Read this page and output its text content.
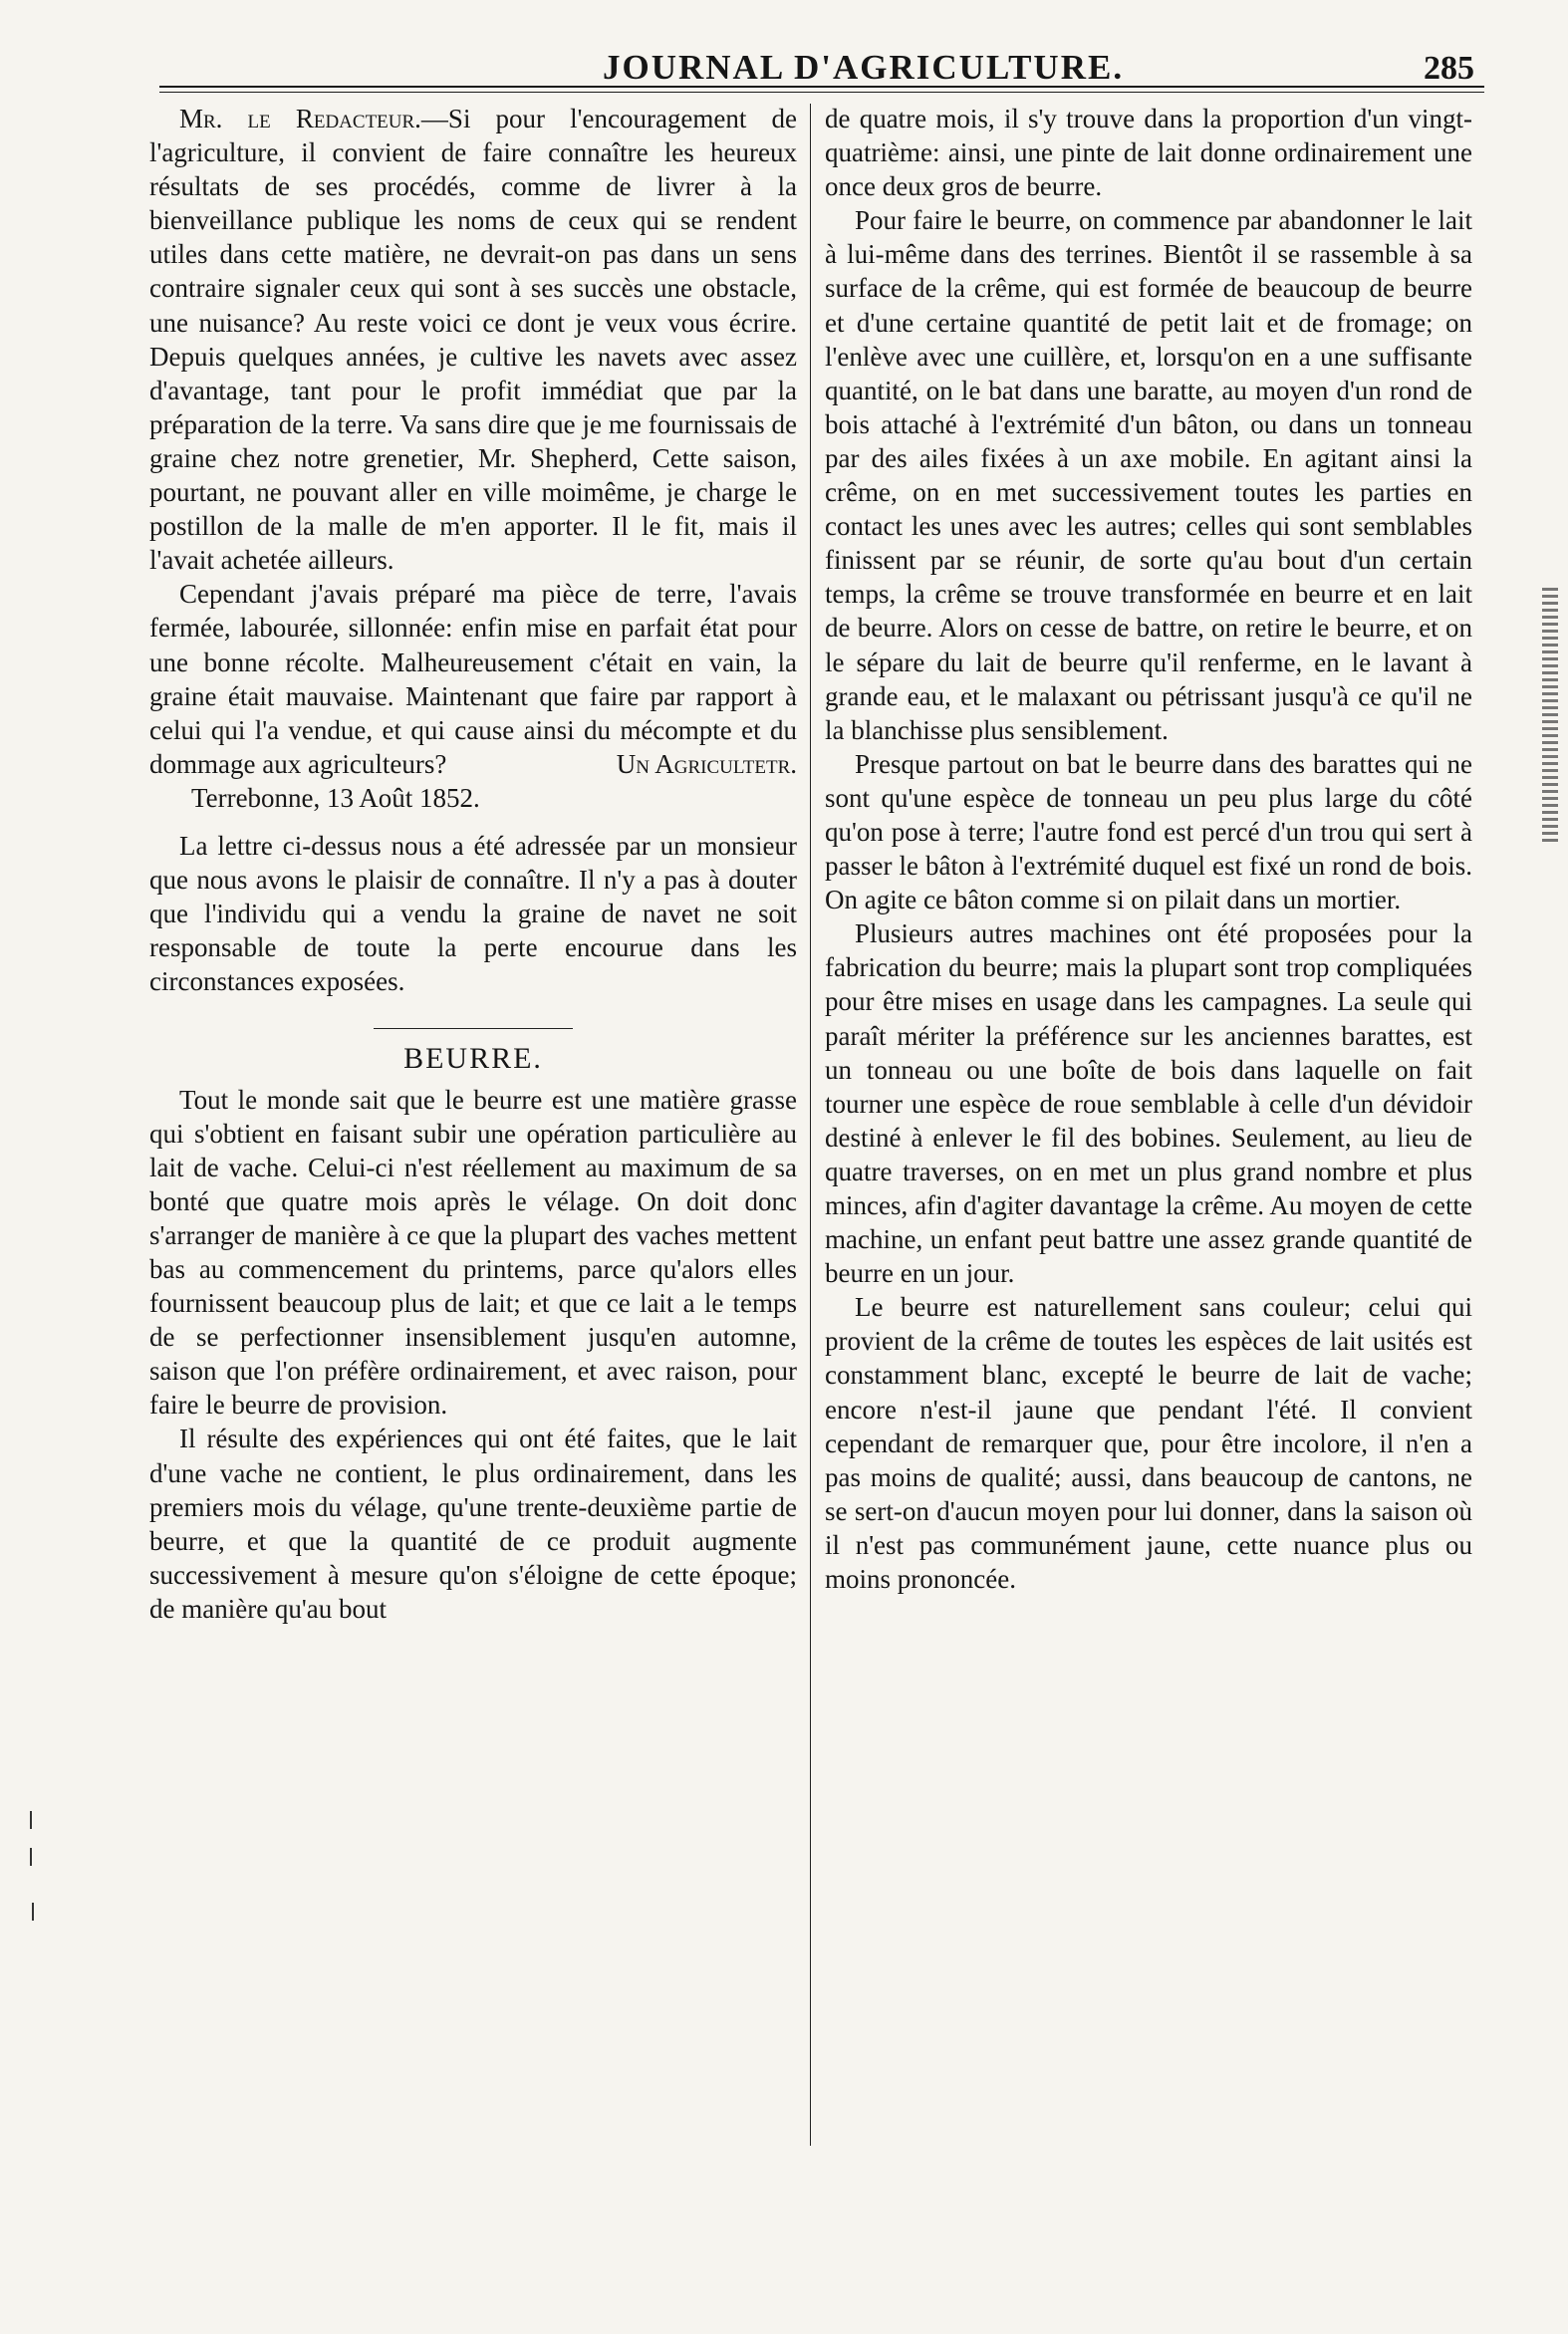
JOURNAL D'AGRICULTURE.	285

Mr. le Redacteur.—Si pour l'encouragement de l'agriculture, il convient de faire connaître les heureux résultats de ses procédés, comme de livrer à la bienveillance publique les noms de ceux qui se rendent utiles dans cette matière, ne devrait-on pas dans un sens contraire signaler ceux qui sont à ses succès une obstacle, une nuisance? Au reste voici ce dont je veux vous écrire. Depuis quelques années, je cultive les navets avec assez d'avantage, tant pour le profit immédiat que par la préparation de la terre. Va sans dire que je me fournissais de graine chez notre grenetier, Mr. Shepherd, Cette saison, pourtant, ne pouvant aller en ville moimême, je charge le postillon de la malle de m'en apporter. Il le fit, mais il l'avait achetée ailleurs.

Cependant j'avais préparé ma pièce de terre, l'avais fermée, labourée, sillonnée: enfin mise en parfait état pour une bonne récolte. Malheureusement c'était en vain, la graine était mauvaise. Maintenant que faire par rapport à celui qui l'a vendue, et qui cause ainsi du mécompte et du dommage aux agriculteurs?	Un Agricultetr.

Terrebonne, 13 Août 1852.

La lettre ci-dessus nous a été adressée par un monsieur que nous avons le plaisir de connaître. Il n'y a pas à douter que l'individu qui a vendu la graine de navet ne soit responsable de toute la perte encourue dans les circonstances exposées.

BEURRE.

Tout le monde sait que le beurre est une matière grasse qui s'obtient en faisant subir une opération particulière au lait de vache. Celui-ci n'est réellement au maximum de sa bonté que quatre mois après le vélage. On doit donc s'arranger de manière à ce que la plupart des vaches mettent bas au commencement du printems, parce qu'alors elles fournissent beaucoup plus de lait; et que ce lait a le temps de se perfectionner insensiblement jusqu'en automne, saison que l'on préfère ordinairement, et avec raison, pour faire le beurre de provision.

Il résulte des expériences qui ont été faites, que le lait d'une vache ne contient, le plus ordinairement, dans les premiers mois du vélage, qu'une trente-deuxième partie de beurre, et que la quantité de ce produit augmente successivement à mesure qu'on s'éloigne de cette époque; de manière qu'au bout

de quatre mois, il s'y trouve dans la proportion d'un vingt-quatrième: ainsi, une pinte de lait donne ordinairement une once deux gros de beurre.

Pour faire le beurre, on commence par abandonner le lait à lui-même dans des terrines. Bientôt il se rassemble à sa surface de la crême, qui est formée de beaucoup de beurre et d'une certaine quantité de petit lait et de fromage; on l'enlève avec une cuillère, et, lorsqu'on en a une suffisante quantité, on le bat dans une baratte, au moyen d'un rond de bois attaché à l'extrémité d'un bâton, ou dans un tonneau par des ailes fixées à un axe mobile. En agitant ainsi la crême, on en met successivement toutes les parties en contact les unes avec les autres; celles qui sont semblables finissent par se réunir, de sorte qu'au bout d'un certain temps, la crême se trouve transformée en beurre et en lait de beurre. Alors on cesse de battre, on retire le beurre, et on le sépare du lait de beurre qu'il renferme, en le lavant à grande eau, et le malaxant ou pétrissant jusqu'à ce qu'il ne la blanchisse plus sensiblement.

Presque partout on bat le beurre dans des barattes qui ne sont qu'une espèce de tonneau un peu plus large du côté qu'on pose à terre; l'autre fond est percé d'un trou qui sert à passer le bâton à l'extrémité duquel est fixé un rond de bois. On agite ce bâton comme si on pilait dans un mortier.

Plusieurs autres machines ont été proposées pour la fabrication du beurre; mais la plupart sont trop compliquées pour être mises en usage dans les campagnes. La seule qui paraît mériter la préférence sur les anciennes barattes, est un tonneau ou une boîte de bois dans laquelle on fait tourner une espèce de roue semblable à celle d'un dévidoir destiné à enlever le fil des bobines. Seulement, au lieu de quatre traverses, on en met un plus grand nombre et plus minces, afin d'agiter davantage la crême. Au moyen de cette machine, un enfant peut battre une assez grande quantité de beurre en un jour.

Le beurre est naturellement sans couleur; celui qui provient de la crême de toutes les espèces de lait usités est constamment blanc, excepté le beurre de lait de vache; encore n'est-il jaune que pendant l'été. Il convient cependant de remarquer que, pour être incolore, il n'en a pas moins de qualité; aussi, dans beaucoup de cantons, ne se sert-on d'aucun moyen pour lui donner, dans la saison où il n'est pas communément jaune, cette nuance plus ou moins prononcée.
